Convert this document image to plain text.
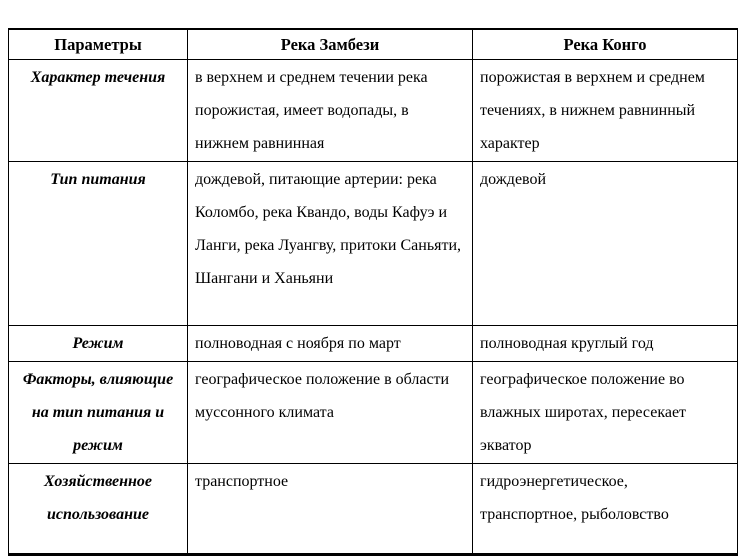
Параметры	Река Замбези	Река Конго
Характер течения	в верхнем и среднем течении река порожистая, имеет водопады, в нижнем равнинная	порожистая в верхнем и среднем течениях, в нижнем равнинный характер
Тип питания	дождевой, питающие артерии: река Коломбо, река Квандо, воды Кафуэ и Ланги, река Луангву, притоки Саньяти, Шангани и Ханьяни	дождевой
Режим	полноводная с ноября по март	полноводная круглый год
Факторы, влияющие на тип питания и режим	географическое положение в области муссонного климата	географическое положение во влажных широтах, пересекает экватор
Хозяйственное использование	транспортное	гидроэнергетическое, транспортное, рыболовство
